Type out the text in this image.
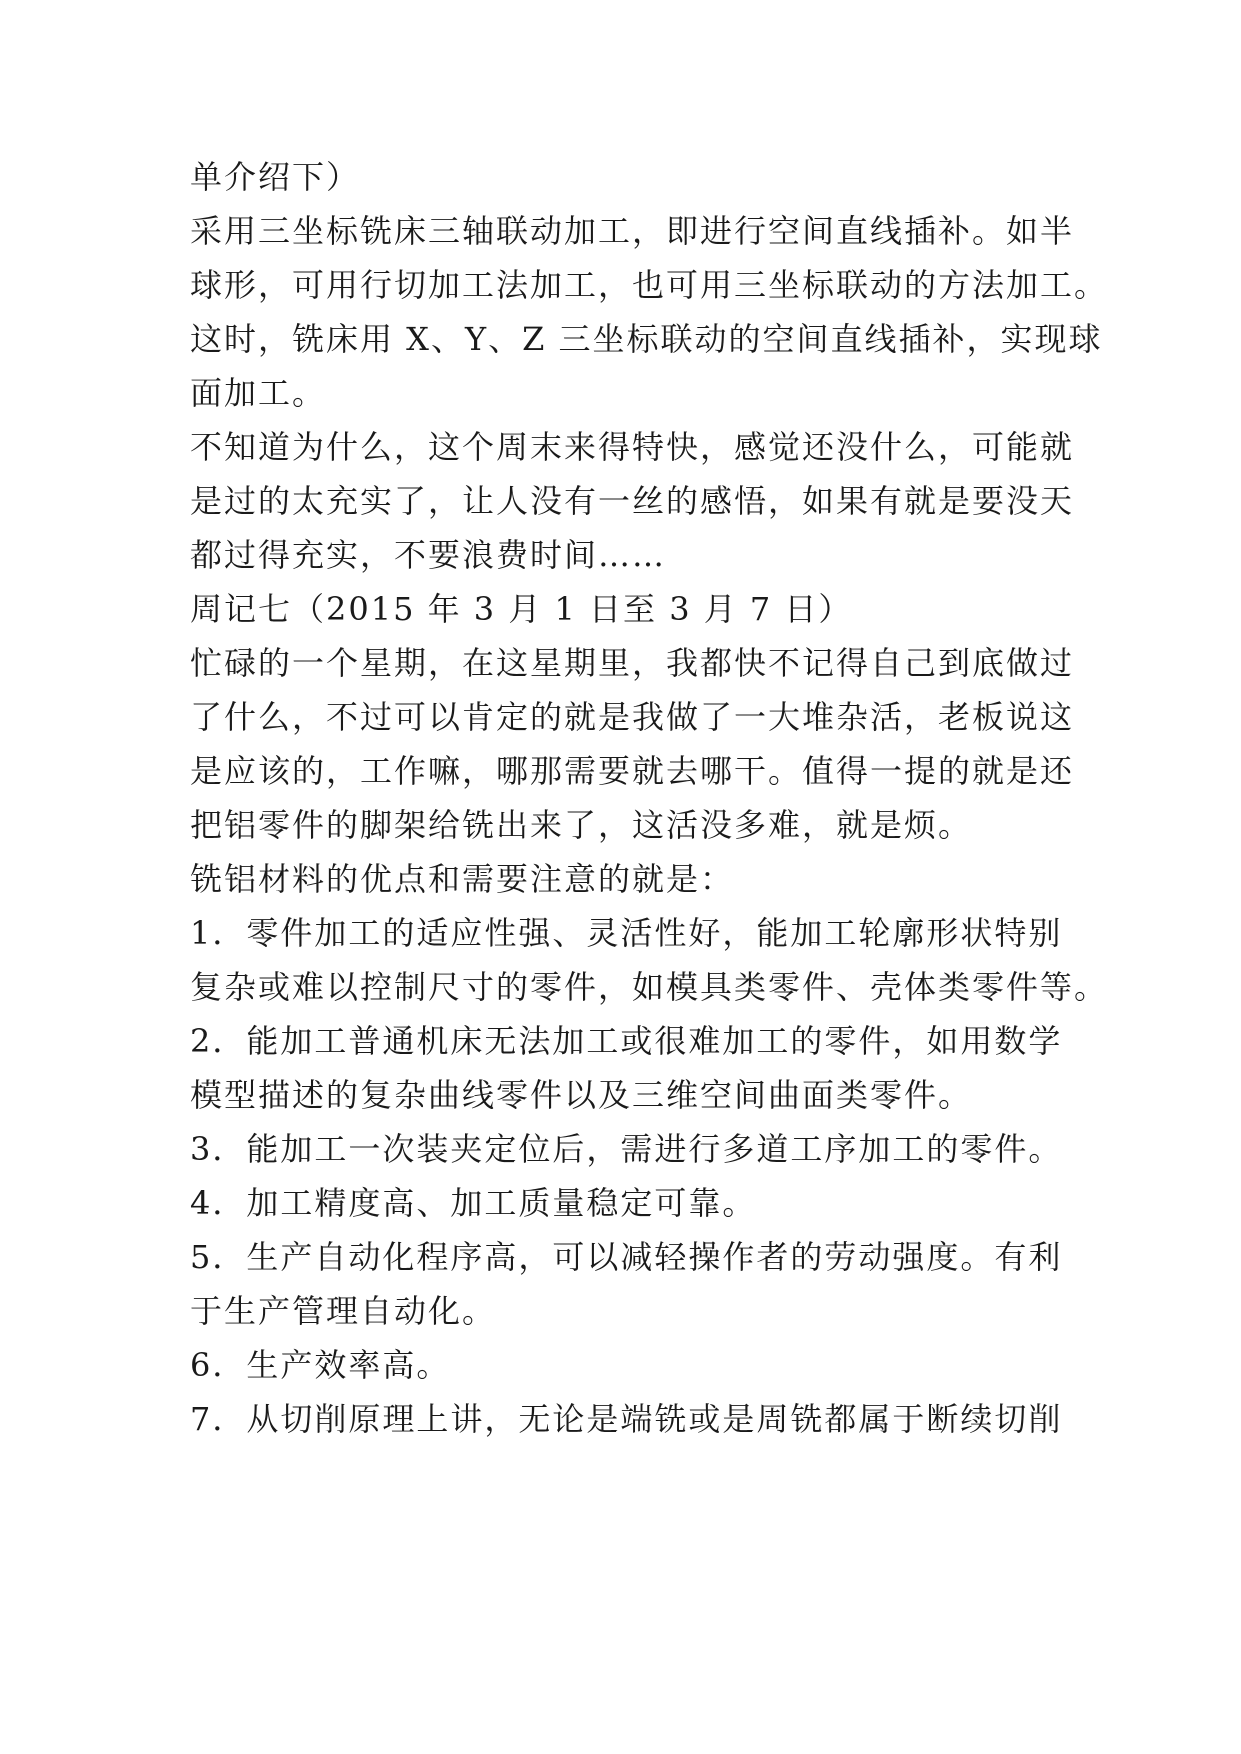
单介绍下）
采用三坐标铣床三轴联动加工，即进行空间直线插补。如半
球形，可用行切加工法加工，也可用三坐标联动的方法加工。
这时，铣床用 X、Y、Z 三坐标联动的空间直线插补，实现球
面加工。
不知道为什么，这个周末来得特快，感觉还没什么，可能就
是过的太充实了，让人没有一丝的感悟，如果有就是要没天
都过得充实，不要浪费时间……
周记七（2015 年 3 月 1 日至 3 月 7 日）
忙碌的一个星期，在这星期里，我都快不记得自己到底做过
了什么，不过可以肯定的就是我做了一大堆杂活，老板说这
是应该的，工作嘛，哪那需要就去哪干。值得一提的就是还
把铝零件的脚架给铣出来了，这活没多难，就是烦。
铣铝材料的优点和需要注意的就是：
1．零件加工的适应性强、灵活性好，能加工轮廓形状特别
复杂或难以控制尺寸的零件，如模具类零件、壳体类零件等。
2．能加工普通机床无法加工或很难加工的零件，如用数学
模型描述的复杂曲线零件以及三维空间曲面类零件。
3．能加工一次装夹定位后，需进行多道工序加工的零件。
4．加工精度高、加工质量稳定可靠。
5．生产自动化程序高，可以减轻操作者的劳动强度。有利
于生产管理自动化。
6．生产效率高。
7．从切削原理上讲，无论是端铣或是周铣都属于断续切削
